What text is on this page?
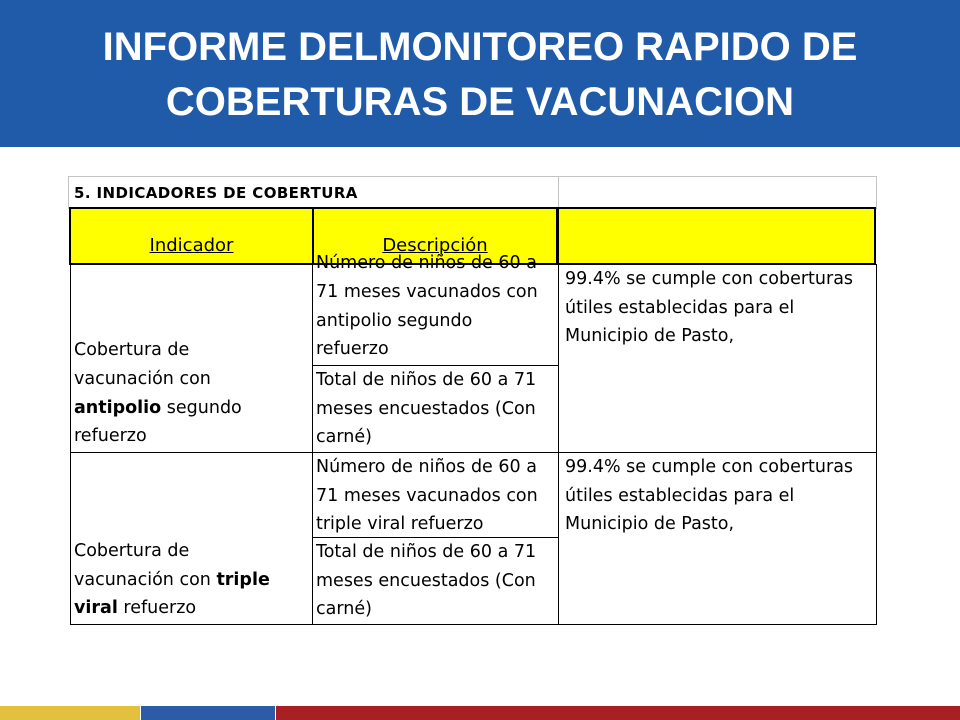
INFORME DELMONITOREO RAPIDO DE
COBERTURAS DE VACUNACION
5. INDICADORES DE COBERTURA
Indicador	Descripción
Cobertura de
vacunación con
antipolio segundo
refuerzo
Número de niños de 60 a
71 meses vacunados con
antipolio segundo
refuerzo
Total de niños de 60 a 71
meses encuestados (Con
carné)
99.4% se cumple con coberturas
útiles establecidas para el
Municipio de Pasto,
Cobertura de
vacunación con triple
viral refuerzo
Número de niños de 60 a
71 meses vacunados con
triple viral refuerzo
Total de niños de 60 a 71
meses encuestados (Con
carné)
99.4% se cumple con coberturas
útiles establecidas para el
Municipio de Pasto,
